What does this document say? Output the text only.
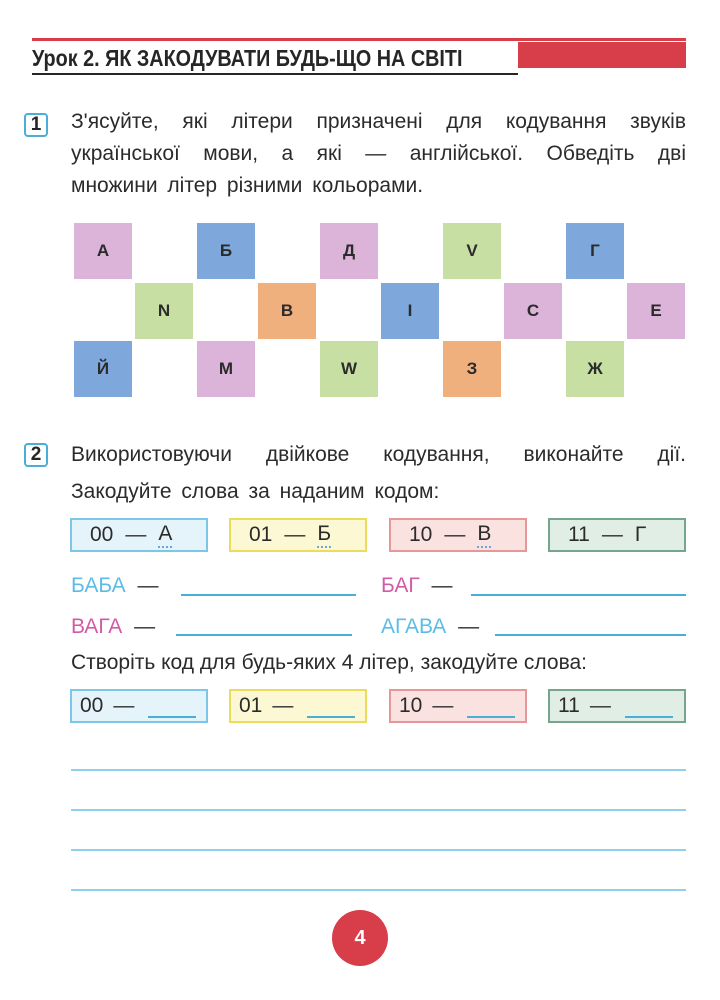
Урок 2. ЯК ЗАКОДУВАТИ БУДЬ-ЩО НА СВІТІ
1	З'ясуйте, які літери призначені для кодування звуків
української мови, а які — англійської. Обведіть дві
множини літер різними кольорами.
А	Б	Д	V	Г
N	B	I	C	E
Й	M	W	З	Ж
2	Використовуючи двійкове кодування, виконайте дії.
Закодуйте слова за наданим кодом:
00 — А	01 — Б	10 — В	11 — Г
БАБА —	БАГ —
ВАГА —	АГАВА —
Створіть код для будь-яких 4 літер, закодуйте слова:
00 —	01 —	10 —	11 —
4
